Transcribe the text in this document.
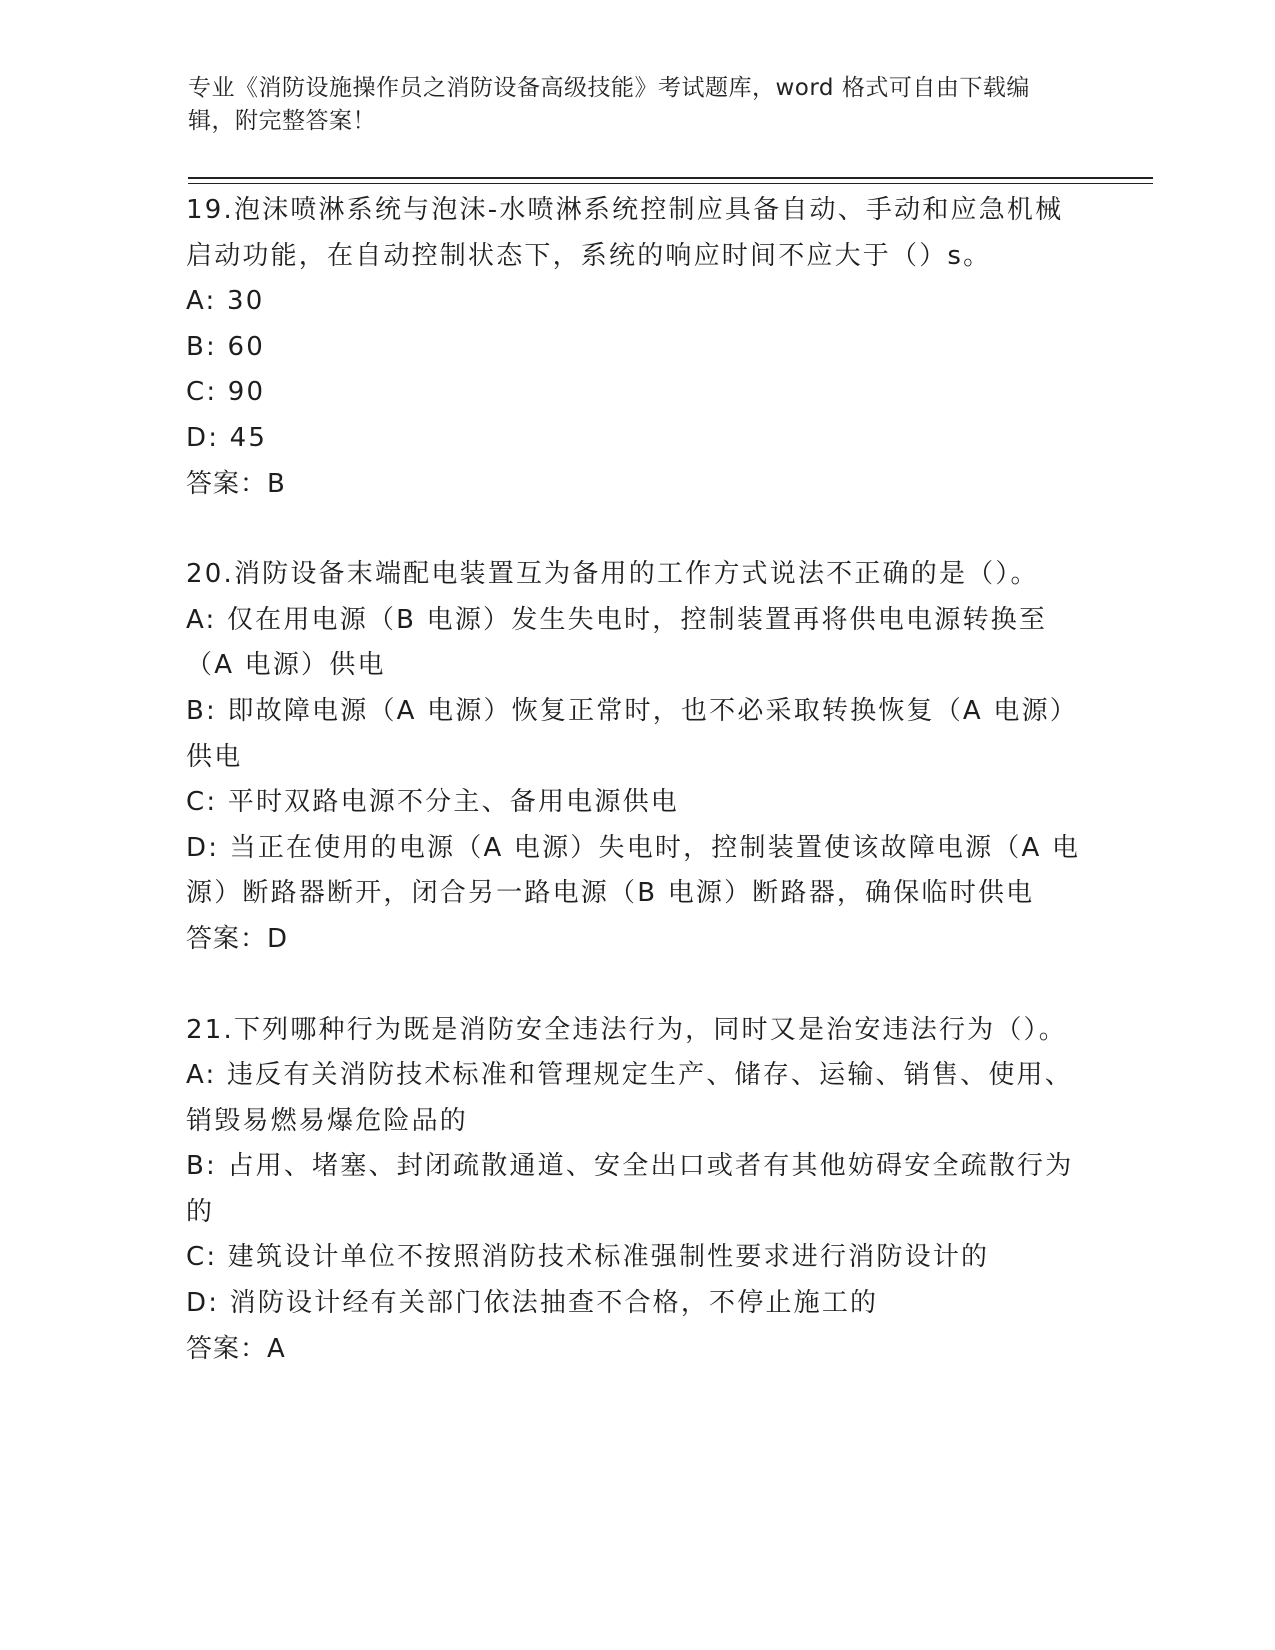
专业《消防设施操作员之消防设备高级技能》考试题库，word 格式可自由下载编
辑，附完整答案！
19.泡沫喷淋系统与泡沫-水喷淋系统控制应具备自动、手动和应急机械启动功能，在自动控制状态下，系统的响应时间不应大于（）s。
A: 30
B: 60
C: 90
D: 45
答案：B
20.消防设备末端配电装置互为备用的工作方式说法不正确的是（）。
A: 仅在用电源（B 电源）发生失电时，控制装置再将供电电源转换至（A 电源）供电
B: 即故障电源（A 电源）恢复正常时，也不必采取转换恢复（A 电源）供电
C: 平时双路电源不分主、备用电源供电
D: 当正在使用的电源（A 电源）失电时，控制装置使该故障电源（A 电源）断路器断开，闭合另一路电源（B 电源）断路器，确保临时供电
答案：D
21.下列哪种行为既是消防安全违法行为，同时又是治安违法行为（）。
A: 违反有关消防技术标准和管理规定生产、储存、运输、销售、使用、销毁易燃易爆危险品的
B: 占用、堵塞、封闭疏散通道、安全出口或者有其他妨碍安全疏散行为的
C: 建筑设计单位不按照消防技术标准强制性要求进行消防设计的
D: 消防设计经有关部门依法抽查不合格，不停止施工的
答案：A
